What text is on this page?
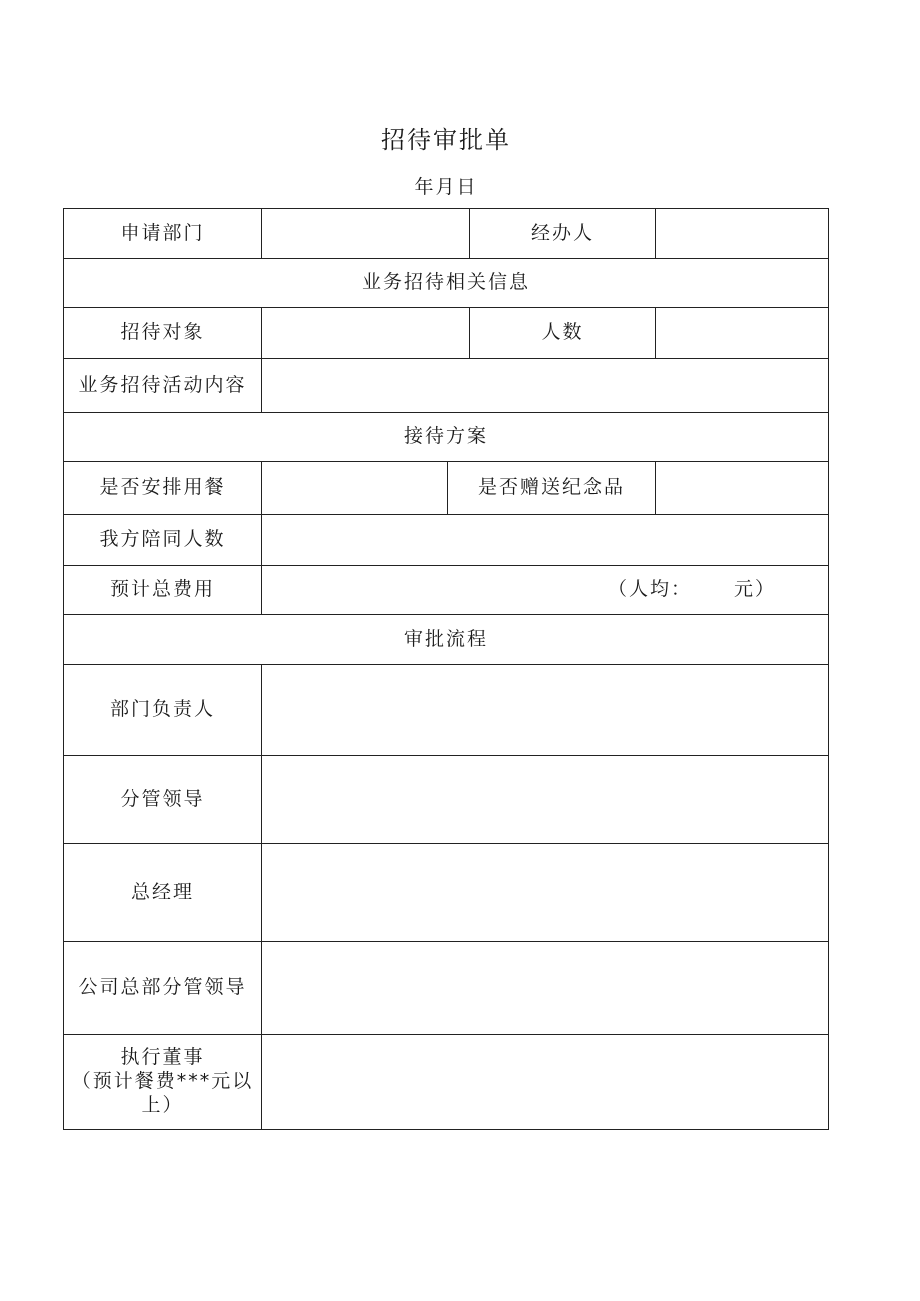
招待审批单
年月日
申请部门			经办人	
业务招待相关信息				
招待对象			人数	
业务招待活动内容				
接待方案				
是否安排用餐		是否赠送纪念品		
我方陪同人数				
预计总费用	（人均： 元）			

审批流程				
部门负责人				
分管领导				
总经理				
公司总部分管领导				

执行董事
（预计餐费***元以
上）				
